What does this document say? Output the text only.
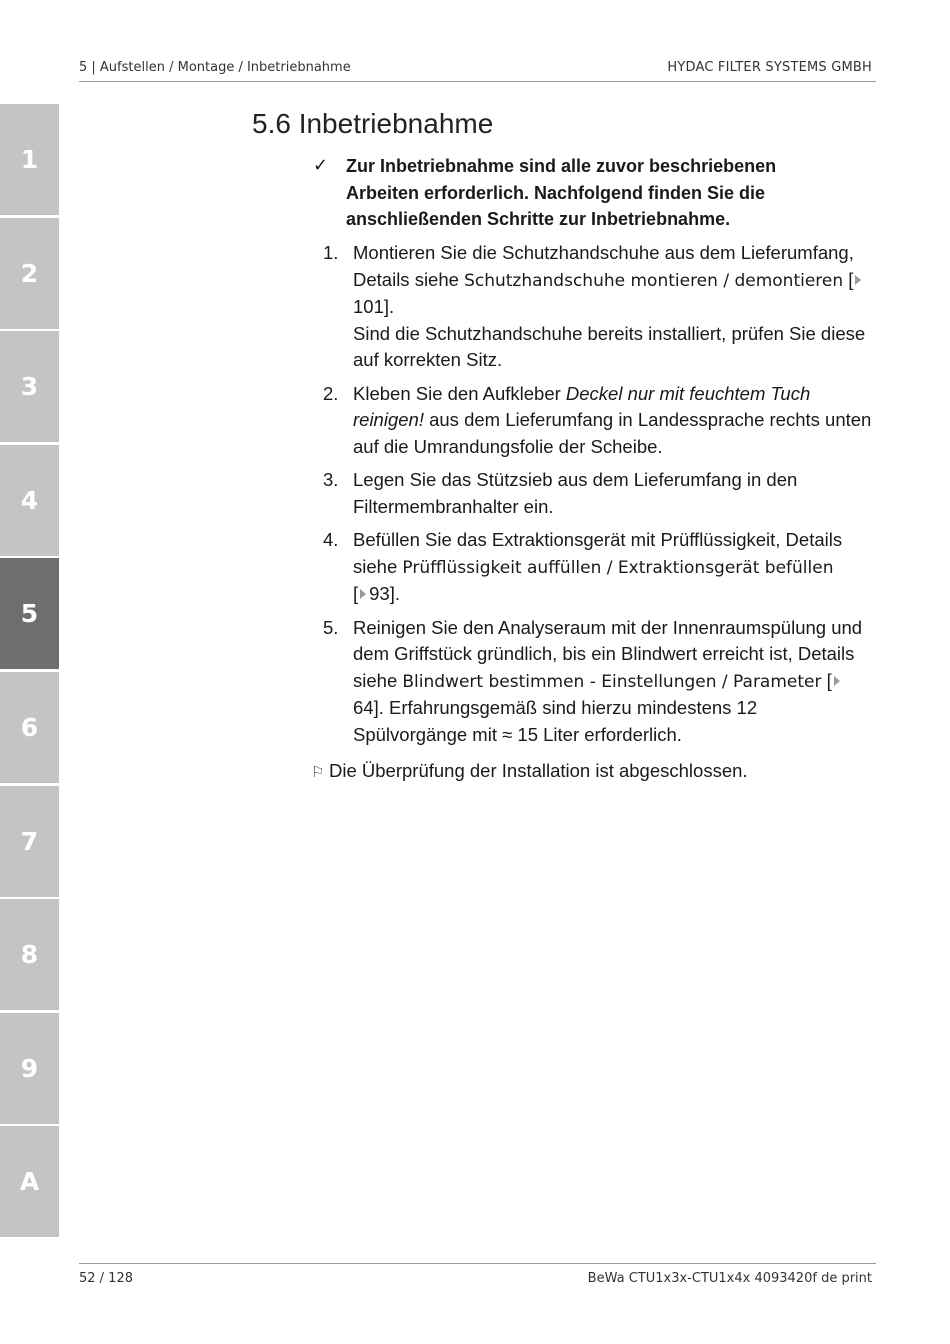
5 | Aufstellen / Montage / Inbetriebnahme	HYDAC FILTER SYSTEMS GMBH
1
2
3
4
5
6
7
8
9
A
5.6 Inbetriebnahme
✓ Zur Inbetriebnahme sind alle zuvor beschriebenen Arbeiten erforderlich. Nachfolgend finden Sie die anschließenden Schritte zur Inbetriebnahme.
1. Montieren Sie die Schutzhandschuhe aus dem Lieferumfang, Details siehe Schutzhandschuhe montieren / demontieren [101].
Sind die Schutzhandschuhe bereits installiert, prüfen Sie diese auf korrekten Sitz.
2. Kleben Sie den Aufkleber Deckel nur mit feuchtem Tuch reinigen! aus dem Lieferumfang in Landessprache rechts unten auf die Umrandungsfolie der Scheibe.
3. Legen Sie das Stützsieb aus dem Lieferumfang in den Filtermembranhalter ein.
4. Befüllen Sie das Extraktionsgerät mit Prüfflüssigkeit, Details siehe Prüfflüssigkeit auffüllen / Extraktionsgerät befüllen
[ 93].
5. Reinigen Sie den Analyseraum mit der Innenraumspülung und dem Griffstück gründlich, bis ein Blindwert erreicht ist, Details siehe Blindwert bestimmen - Einstellungen / Parameter [64]. Erfahrungsgemäß sind hierzu mindestens 12 Spülvorgänge mit ≈ 15 Liter erforderlich.
⚐ Die Überprüfung der Installation ist abgeschlossen.
52 / 128	BeWa CTU1x3x-CTU1x4x 4093420f de print
